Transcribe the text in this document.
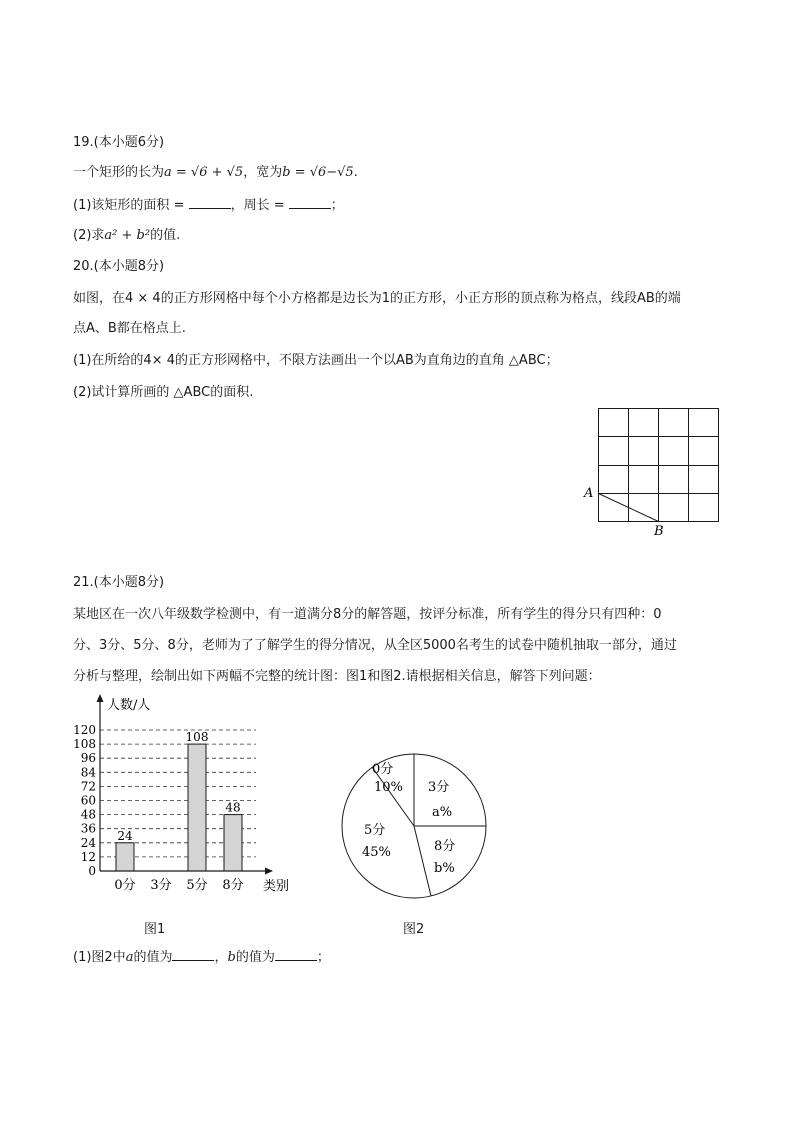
19.(本小题6分)
一个矩形的长为a = √6 + √5，宽为b = √6−√5.
(1)该矩形的面积 =	，周长 =	；
(2)求a² + b²的值.
20.(本小题8分)
如图，在4 × 4的正方形网格中每个小方格都是边长为1的正方形，小正方形的顶点称为格点，线段AB的端
点A、B都在格点上.
(1)在所给的4× 4的正方形网格中，不限方法画出一个以AB为直角边的直角 △ABC；
(2)试计算所画的 △ABC的面积.
A
B
21.(本小题8分)
某地区在一次八年级数学检测中，有一道满分8分的解答题，按评分标准，所有学生的得分只有四种：0
分、3分、5分、8分，老师为了了解学生的得分情况，从全区5000名考生的试卷中随机抽取一部分，通过
分析与整理，绘制出如下两幅不完整的统计图：图1和图2.请根据相关信息，解答下列问题：
0
12
24
36
48
60
72
84
96
108
120
24
108
48
0分 3分 5分 8分
人数/人
类别
0分
10% 3分
a%
8分
b%
5分
45%
图1	图2
(1)图2中a的值为	，b的值为	；
